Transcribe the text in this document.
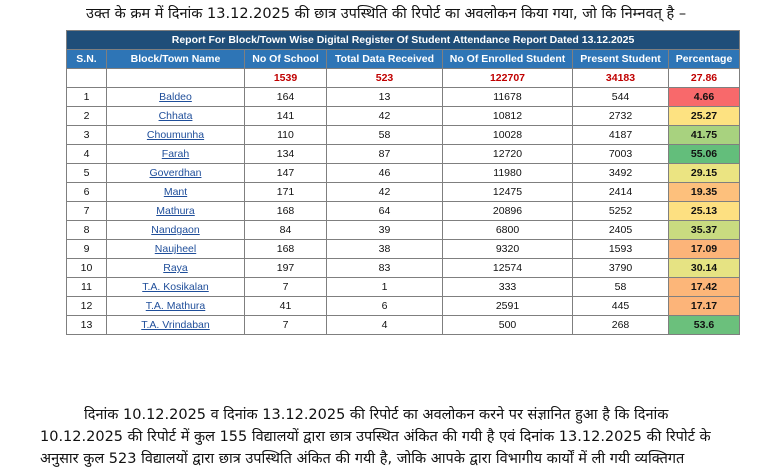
उक्त के क्रम में दिनांक 13.12.2025 की छात्र उपस्थिति की रिपोर्ट का अवलोकन किया गया, जो कि निम्नवत् है –
Report For Block/Town Wise Digital Register Of Student Attendance Report Dated 13.12.2025						
S.N.	Block/Town Name	No Of School	Total Data Received	No Of Enrolled Student	Present Student	Percentage
		1539	523	122707	34183	27.86
1	Baldeo	164	13	11678	544	4.66
2	Chhata	141	42	10812	2732	25.27
3	Choumunha	110	58	10028	4187	41.75
4	Farah	134	87	12720	7003	55.06
5	Goverdhan	147	46	11980	3492	29.15
6	Mant	171	42	12475	2414	19.35
7	Mathura	168	64	20896	5252	25.13
8	Nandgaon	84	39	6800	2405	35.37
9	Naujheel	168	38	9320	1593	17.09
10	Raya	197	83	12574	3790	30.14
11	T.A. Kosikalan	7	1	333	58	17.42
12	T.A. Mathura	41	6	2591	445	17.17
13	T.A. Vrindaban	7	4	500	268	53.6
दिनांक 10.12.2025 व दिनांक 13.12.2025 की रिपोर्ट का अवलोकन करने पर संज्ञानित हुआ है कि दिनांक
10.12.2025 की रिपोर्ट में कुल 155 विद्यालयों द्वारा छात्र उपस्थित अंकित की गयी है एवं दिनांक 13.12.2025 की रिपोर्ट के
अनुसार कुल 523 विद्यालयों द्वारा छात्र उपस्थिति अंकित की गयी है, जोकि आपके द्वारा विभागीय कार्यों में ली गयी व्यक्तिगत
